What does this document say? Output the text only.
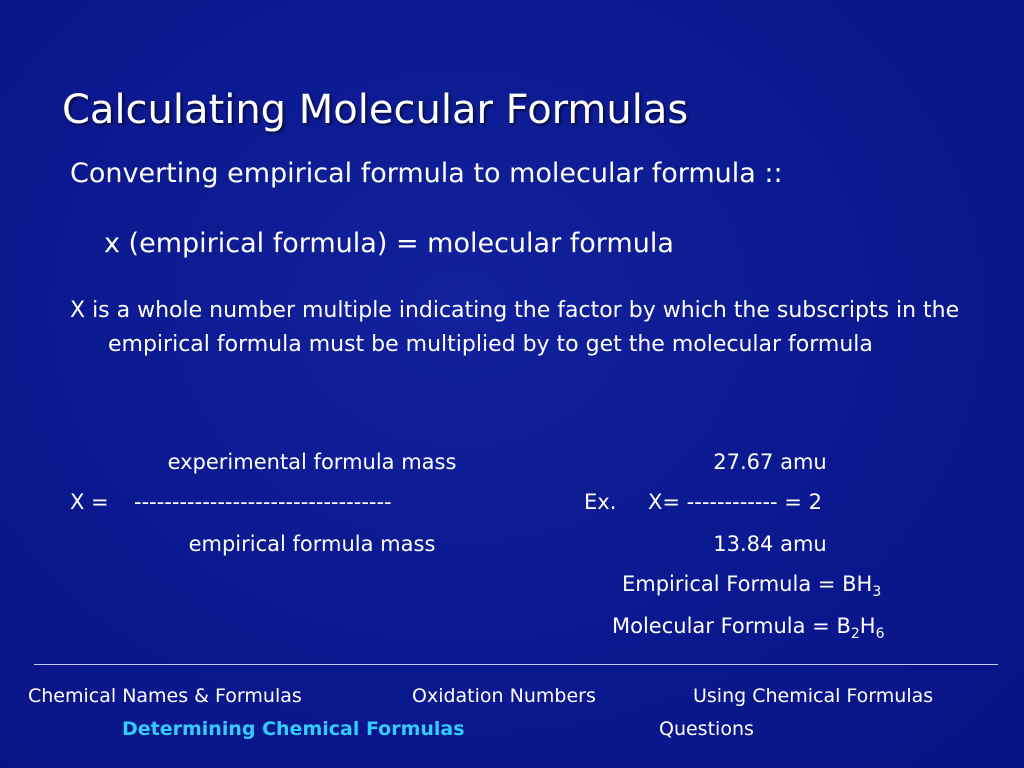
Calculating Molecular Formulas
Converting empirical formula to molecular formula ::
x (empirical formula) = molecular formula
X is a whole number multiple indicating the factor by which the subscripts in the empirical formula must be multiplied by to get the molecular formula
experimental formula mass
X = ----------------------------------
empirical formula mass
27.67 amu
Ex. X= ------------ = 2
13.84 amu
Empirical Formula = $BH_3$
Molecular Formula = $B_2H_6$
Chemical Names & Formulas	Oxidation Numbers	Using Chemical Formulas
Determining Chemical Formulas	Questions
